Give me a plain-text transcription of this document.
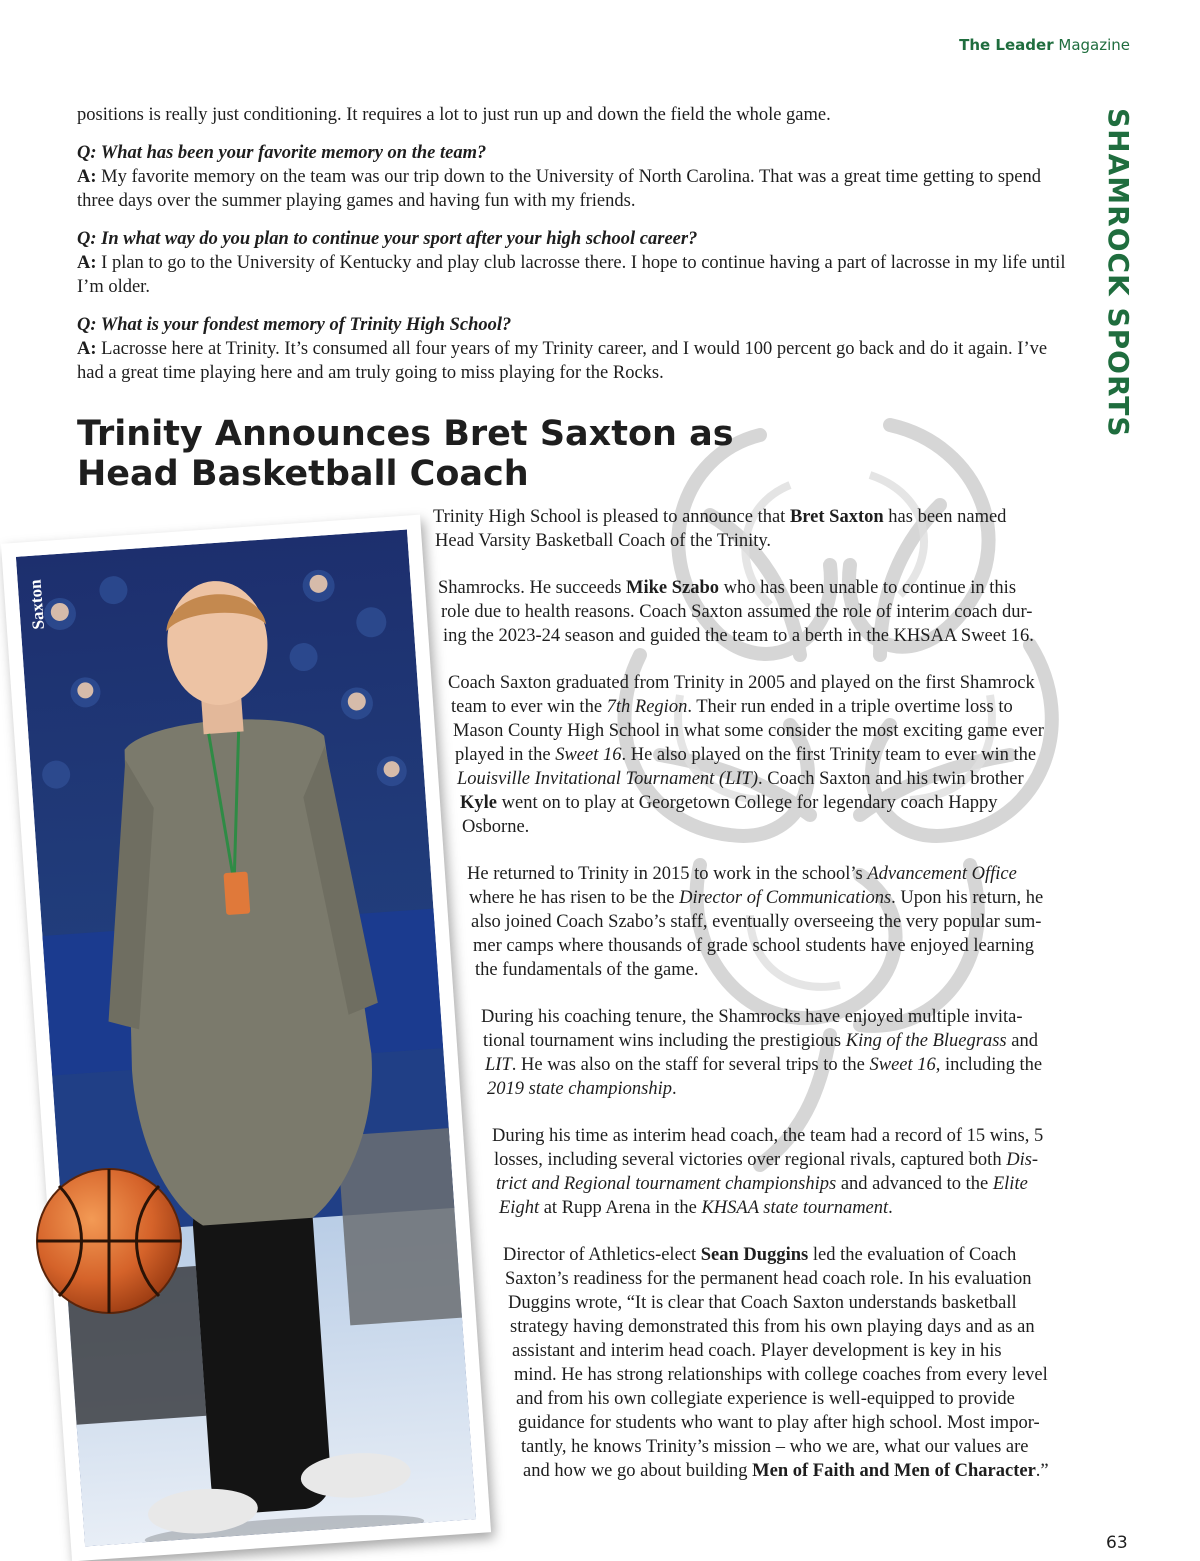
The Leader Magazine
SHAMROCK SPORTS

positions is really just conditioning. It requires a lot to just run up and down the field the whole game.

Q: What has been your favorite memory on the team?
A: My favorite memory on the team was our trip down to the University of North Carolina. That was a great time getting to spend three days over the summer playing games and having fun with my friends.

Q: In what way do you plan to continue your sport after your high school career?
A: I plan to go to the University of Kentucky and play club lacrosse there. I hope to continue having a part of lacrosse in my life until I’m older.

Q: What is your fondest memory of Trinity High School?
A: Lacrosse here at Trinity. It’s consumed all four years of my Trinity career, and I would 100 percent go back and do it again. I’ve had a great time playing here and am truly going to miss playing for the Rocks.

Trinity Announces Bret Saxton as
Head Basketball Coach

Trinity High School is pleased to announce that Bret Saxton has been named
Head Varsity Basketball Coach of the Trinity.

Shamrocks. He succeeds Mike Szabo who has been unable to continue in this
role due to health reasons. Coach Saxton assumed the role of interim coach dur-
ing the 2023-24 season and guided the team to a berth in the KHSAA Sweet 16.

Coach Saxton graduated from Trinity in 2005 and played on the first Shamrock
team to ever win the 7th Region. Their run ended in a triple overtime loss to
Mason County High School in what some consider the most exciting game ever
played in the Sweet 16. He also played on the first Trinity team to ever win the
Louisville Invitational Tournament (LIT). Coach Saxton and his twin brother
Kyle went on to play at Georgetown College for legendary coach Happy
Osborne.

He returned to Trinity in 2015 to work in the school’s Advancement Office
where he has risen to be the Director of Communications. Upon his return, he
also joined Coach Szabo’s staff, eventually overseeing the very popular sum-
mer camps where thousands of grade school students have enjoyed learning
the fundamentals of the game.

During his coaching tenure, the Shamrocks have enjoyed multiple invita-
tional tournament wins including the prestigious King of the Bluegrass and
LIT. He was also on the staff for several trips to the Sweet 16, including the
2019 state championship.

During his time as interim head coach, the team had a record of 15 wins, 5
losses, including several victories over regional rivals, captured both Dis-
trict and Regional tournament championships and advanced to the Elite
Eight at Rupp Arena in the KHSAA state tournament.

Director of Athletics-elect Sean Duggins led the evaluation of Coach
Saxton’s readiness for the permanent head coach role. In his evaluation
Duggins wrote, “It is clear that Coach Saxton understands basketball
strategy having demonstrated this from his own playing days and as an
assistant and interim head coach. Player development is key in his
mind. He has strong relationships with college coaches from every level
and from his own collegiate experience is well-equipped to provide
guidance for students who want to play after high school. Most impor-
tantly, he knows Trinity’s mission – who we are, what our values are
and how we go about building Men of Faith and Men of Character.”

Saxton
63
